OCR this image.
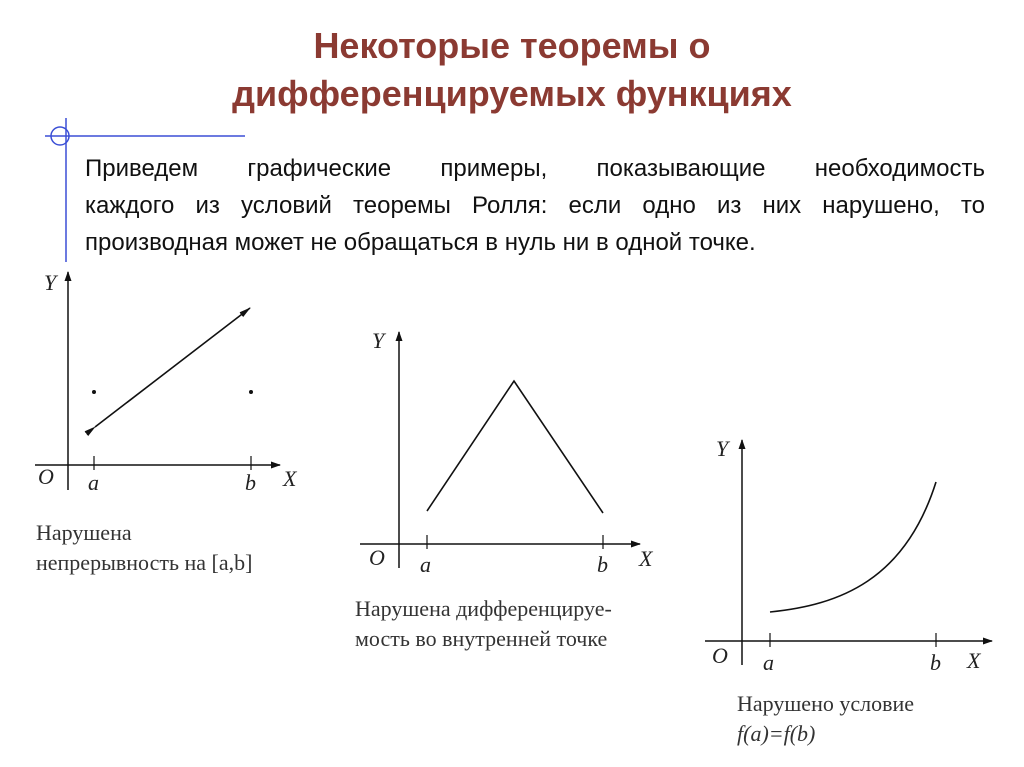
Некоторые теоремы о
дифференцируемых функциях
Приведем графические примеры, показывающие необходимость
каждого из условий теоремы Ролля: если одно из них нарушено, то
производная может не обращаться в нуль ни в одной точке.
Y
X
O a	b
Y
X
O a	b
Y
X
O a	b
Нарушена
непрерывность на [a,b]
Нарушена дифференцируе-
мость во внутренней точке
Нарушено условие
f(a)=f(b)
